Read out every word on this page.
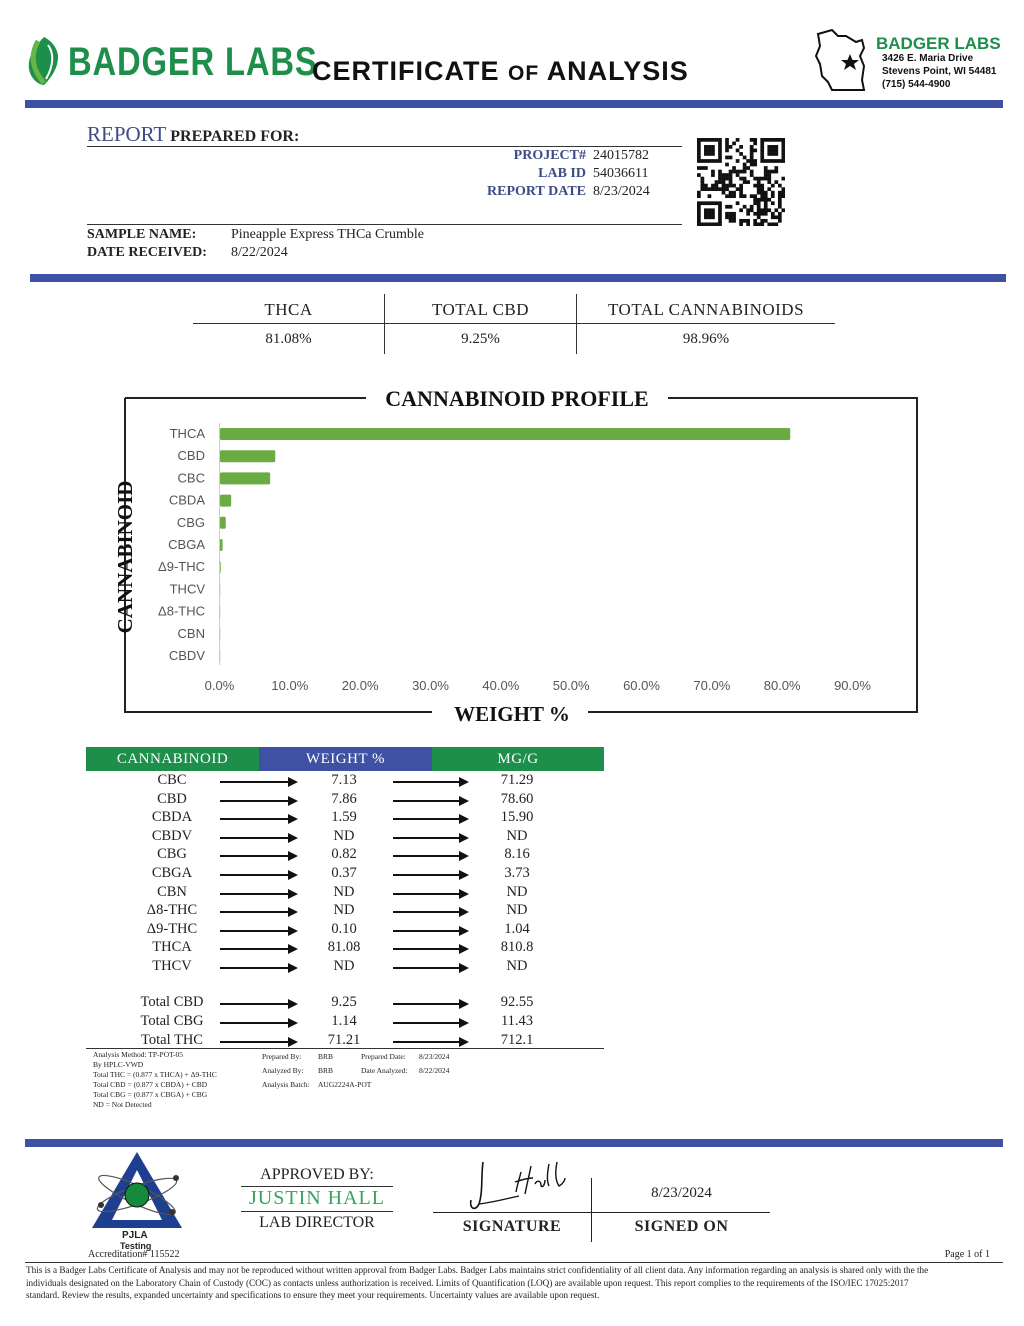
BADGER LABS
CERTIFICATE OF ANALYSIS
BADGER LABS
3426 E. Maria Drive
Stevens Point, WI 54481
(715) 544-4900
REPORT PREPARED FOR:
PROJECT# 24015782
LAB ID 54036611
REPORT DATE 8/23/2024
SAMPLE NAME: Pineapple Express THCa Crumble
DATE RECEIVED: 8/22/2024
THCA
81.08%
TOTAL CBD
9.25%
TOTAL CANNABINOIDS
98.96%
CANNABINOID PROFILE
WEIGHT %
CANNABINOID
THCA
CBD
CBC
CBDA
CBG
CBGA
Δ9-THC
THCV
Δ8-THC
CBN
CBDV
0.0%	10.0%	20.0%	30.0%	40.0%	50.0%	60.0%	70.0%	80.0%	90.0%
CANNABINOID	WEIGHT %	MG/G
CBC	7.13	71.29
CBD	7.86	78.60
CBDA	1.59	15.90
CBDV	ND	ND
CBG	0.82	8.16
CBGA	0.37	3.73
CBN	ND	ND
Δ8-THC	ND	ND
Δ9-THC	0.10	1.04
THCA	81.08	810.8
THCV	ND	ND
Total CBD	9.25	92.55
Total CBG	1.14	11.43
Total THC	71.21	712.1
Analysis Method: TP-POT-05
By HPLC-VWD
Total THC = (0.877 x THCA) + Δ9-THC
Total CBD = (0.877 x CBDA) + CBD
Total CBG = (0.877 x CBGA) + CBG
ND = Not Detected
Prepared By: BRB	Prepared Date: 8/23/2024
Analyzed By: BRB	Date Analyzed: 8/22/2024
Analysis Batch: AUG2224A-POT
PJLA
Testing
Accreditation# 115522
APPROVED BY:
JUSTIN HALL
LAB DIRECTOR
8/23/2024
SIGNATURE	SIGNED ON
Page 1 of 1
This is a Badger Labs Certificate of Analysis and may not be reproduced without written approval from Badger Labs. Badger Labs maintains strict confidentiality of all client data. Any information regarding an analysis is shared only with the the
individuals designated on the Laboratory Chain of Custody (COC) as contacts unless authorization is received. Limits of Quantification (LOQ) are available upon request. This report complies to the requirements of the ISO/IEC 17025:2017
standard. Review the results, expanded uncertainty and specifications to ensure they meet your requirements. Uncertainty values are available upon request.
